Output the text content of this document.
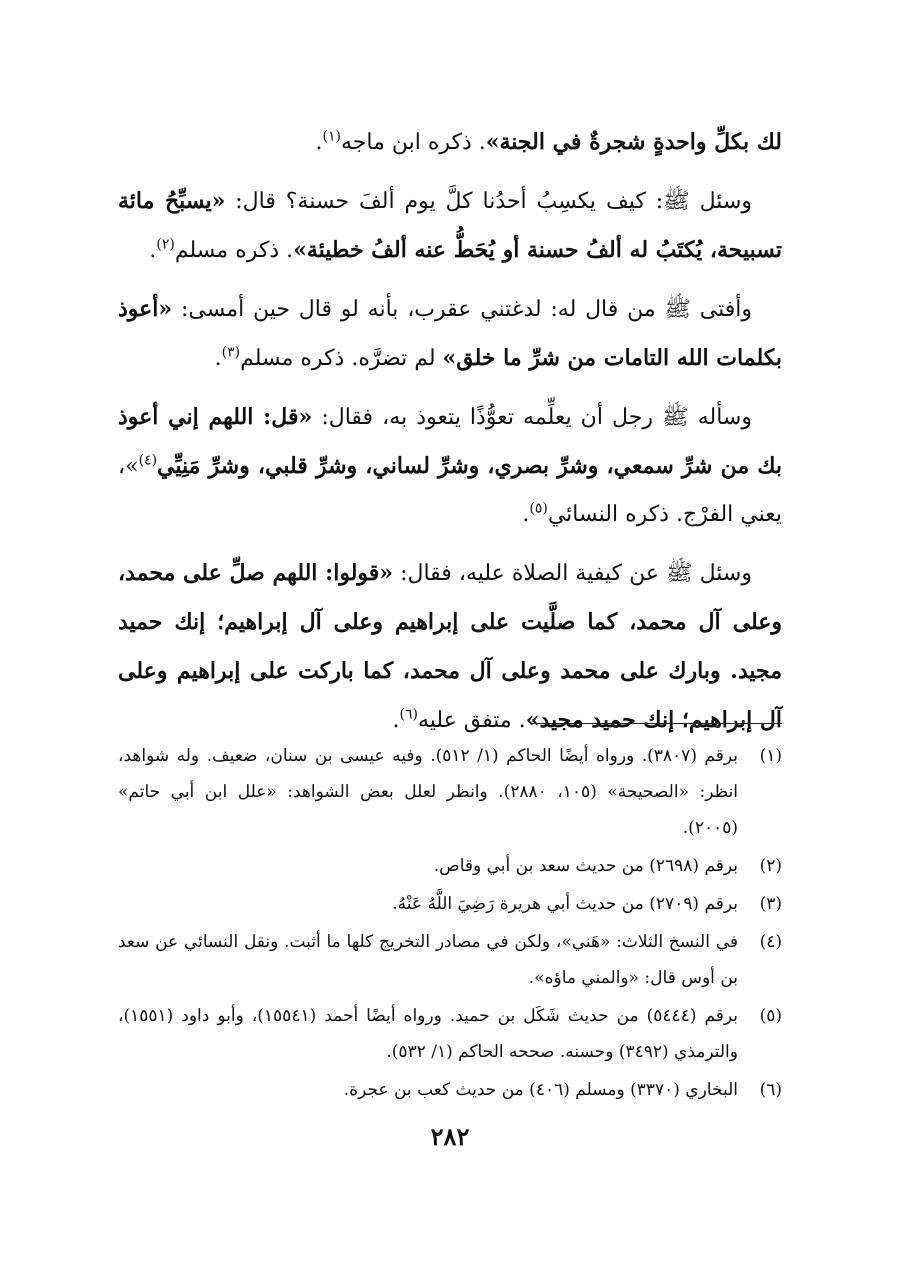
لك بكلِّ واحدةٍ شجرةٌ في الجنة». ذكره ابن ماجه$^{(١)}$.

وسئل ﷺ: كيف يكسِبُ أحدُنا كلَّ يوم ألفَ حسنة؟ قال: «يسبِّحُ مائة تسبيحة، يُكتَبُ له ألفُ حسنة أو يُحَطُّ عنه ألفُ خطيئة». ذكره مسلم$^{(٢)}$.

وأفتى ﷺ من قال له: لدغتني عقرب، بأنه لو قال حين أمسى: «أعوذ بكلمات الله التامات من شرِّ ما خلق» لم تضرَّه. ذكره مسلم$^{(٣)}$.

وسأله ﷺ رجل أن يعلِّمه تعوُّذًا يتعوذ به، فقال: «قل: اللهم إني أعوذ بك من شرِّ سمعي، وشرِّ بصري، وشرِّ لساني، وشرِّ قلبي، وشرِّ مَنِيِّي$^{(٤)}$»، يعني الفرْج. ذكره النسائي$^{(٥)}$.

وسئل ﷺ عن كيفية الصلاة عليه، فقال: «قولوا: اللهم صلِّ على محمد، وعلى آل محمد، كما صلَّيت على إبراهيم وعلى آل إبراهيم؛ إنك حميد مجيد. وبارك على محمد وعلى آل محمد، كما باركت على إبراهيم وعلى آل إبراهيم؛ إنك حميد مجيد». متفق عليه$^{(٦)}$.

(١)
برقم (٣٨٠٧). ورواه أيضًا الحاكم (١/ ٥١٢). وفيه عيسى بن سنان، ضعيف. وله شواهد، انظر: «الصحيحة» (١٠٥، ٢٨٨٠). وانظر لعلل بعض الشواهد: «علل ابن أبي حاتم» (٢٠٠٥).
(٢)
برقم (٢٦٩٨) من حديث سعد بن أبي وقاص.
(٣)
برقم (٢٧٠٩) من حديث أبي هريرة رَضِيَ اللَّهُ عَنْهُ.
(٤)
في النسخ الثلاث: «هَني»، ولكن في مصادر التخريج كلها ما أثبت. ونقل النسائي عن سعد بن أوس قال: «والمني ماؤه».
(٥)
برقم (٥٤٤٤) من حديث شَكَل بن حميد. ورواه أيضًا أحمد (١٥٥٤١)، وأبو داود (١٥٥١)، والترمذي (٣٤٩٢) وحسنه. صححه الحاكم (١/ ٥٣٢).
(٦)
البخاري (٣٣٧٠) ومسلم (٤٠٦) من حديث كعب بن عجرة.
٢٨٢
